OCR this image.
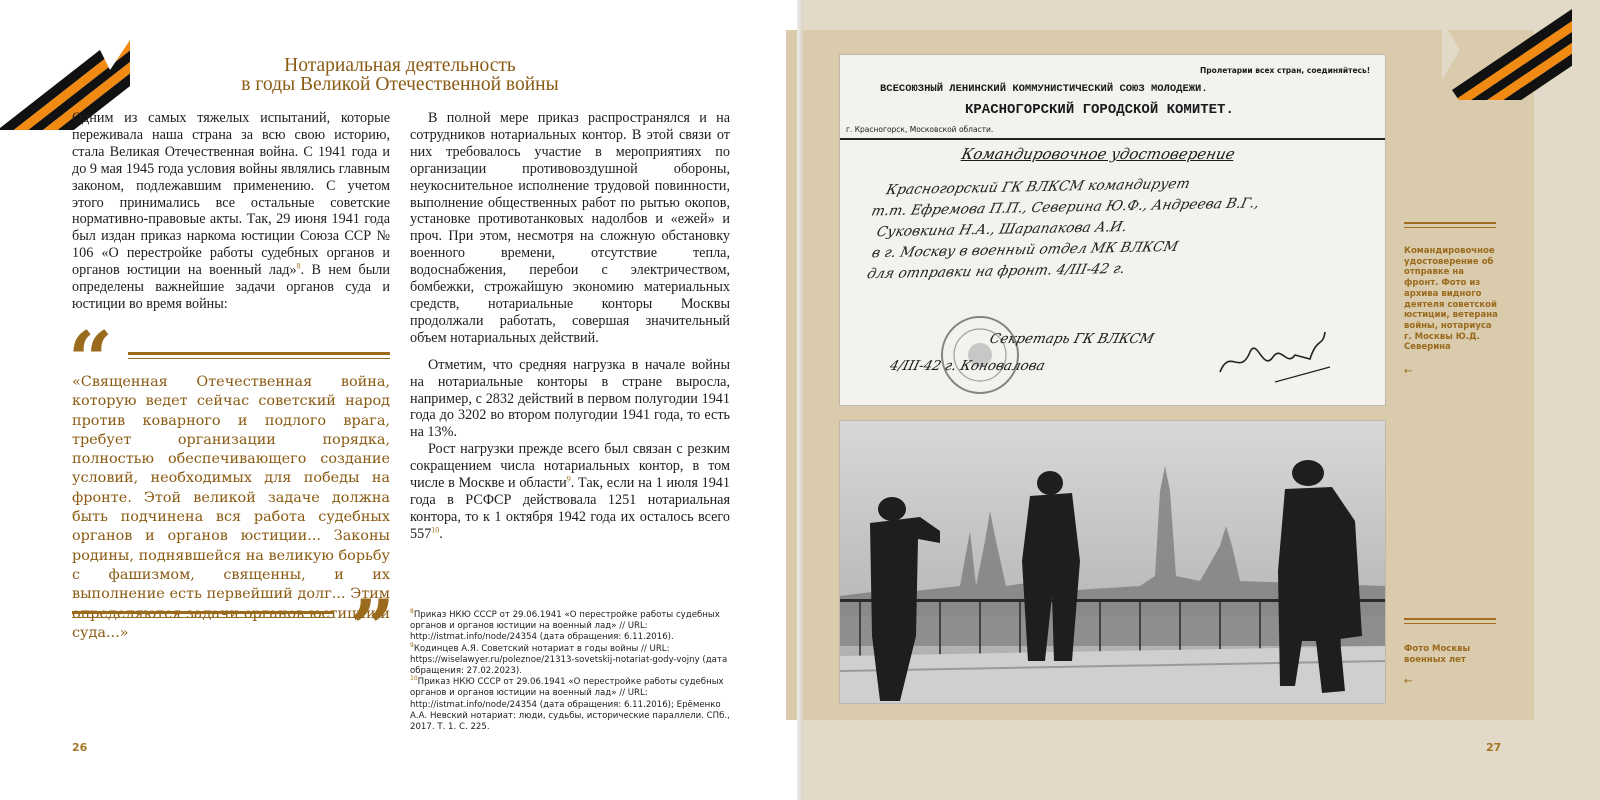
Нотариальная деятельность
в годы Великой Отечественной войны

Одним из самых тяжелых испытаний, которые переживала наша страна за всю свою историю, стала Великая Отечественная война. С 1941 года и до 9 мая 1945 года условия войны являлись главным законом, подлежавшим применению. С учетом этого принимались все остальные советские нормативно-правовые акты. Так, 29 июня 1941 года был издан приказ наркома юстиции Союза ССР № 106 «О перестройке работы судебных органов и органов юстиции на военный лад»$^8$. В нем были определены важнейшие задачи органов суда и юстиции во время войны:

“
«Священная Отечественная война, которую ведет сейчас советский народ против коварного и подлого врага, требует организации порядка, полностью обеспечивающего создание условий, необходимых для победы на фронте. Этой великой задаче должна быть подчинена вся работа судебных органов и органов юстиции... Законы родины, поднявшейся на великую борьбу с фашизмом, священны, и их выполнение есть первейший долг... Этим определяются задачи органов юстиции и суда...»	”

В полной мере приказ распространялся и на сотрудников нотариальных контор. В этой связи от них требовалось участие в мероприятиях по организации противовоздушной обороны, неукоснительное исполнение трудовой повинности, выполнение общественных работ по рытью окопов, установке противотанковых надолбов и «ежей» и проч. При этом, несмотря на сложную обстановку военного времени, отсутствие тепла, водоснабжения, перебои с электричеством, бомбежки, строжайшую экономию материальных средств, нотариальные конторы Москвы продолжали работать, совершая значительный объем нотариальных действий.

Отметим, что средняя нагрузка в начале войны на нотариальные конторы в стране выросла, например, с 2832 действий в первом полугодии 1941 года до 3202 во втором полугодии 1941 года, то есть на 13%.

Рост нагрузки прежде всего был связан с резким сокращением числа нотариальных контор, в том числе в Москве и области$^9$. Так, если на 1 июля 1941 года в РСФСР действовала 1251 нотариальная контора, то к 1 октября 1942 года их осталось всего $557^{10}$.

$^8$Приказ НКЮ СССР от 29.06.1941 «О перестройке работы судебных органов и органов юстиции на военный лад» // URL: http://istmat.info/node/24354 (дата обращения: 6.11.2016).

$^9$Кодинцев А.Я. Советский нотариат в годы войны // URL: https://wiselawyer.ru/poleznoe/21313-sovetskij-notariat-gody-vojny (дата обращения: 27.02.2023).

$^{10}$Приказ НКЮ СССР от 29.06.1941 «О перестройке работы судебных органов и органов юстиции на военный лад» // URL: http://istmat.info/node/24354 (дата обращения: 6.11.2016); Ерёменко А.А. Невский нотариат: люди, судьбы, исторические параллели. СПб., 2017. Т. 1. С. 225.

26
Пролетарии всех стран, соединяйтесь!
ВСЕСОЮЗНЫЙ ЛЕНИНСКИЙ КОММУНИСТИЧЕСКИЙ СОЮЗ МОЛОДЕЖИ.
КРАСНОГОРСКИЙ ГОРОДСКОЙ КОМИТЕТ.
г. Красногорск, Московской области.
Командировочное удостоверение
Красногорский ГК ВЛКСМ командирует
т.т. Ефремова П.П., Северина Ю.Ф., Андреева В.Г.,
Суковкина Н.А., Шарапакова А.И.
в г. Москву в военный отдел МК ВЛКСМ
для отправки на фронт. 4/III-42 г.
Секретарь ГК ВЛКСМ
4/III-42 г. Коновалова
Командировочное удостоверение об отправке на фронт. Фото из архива видного деятеля советской юстиции, ветерана войны, нотариуса г. Москвы Ю.Д. Северина
←
Фото Москвы военных лет
←
27
